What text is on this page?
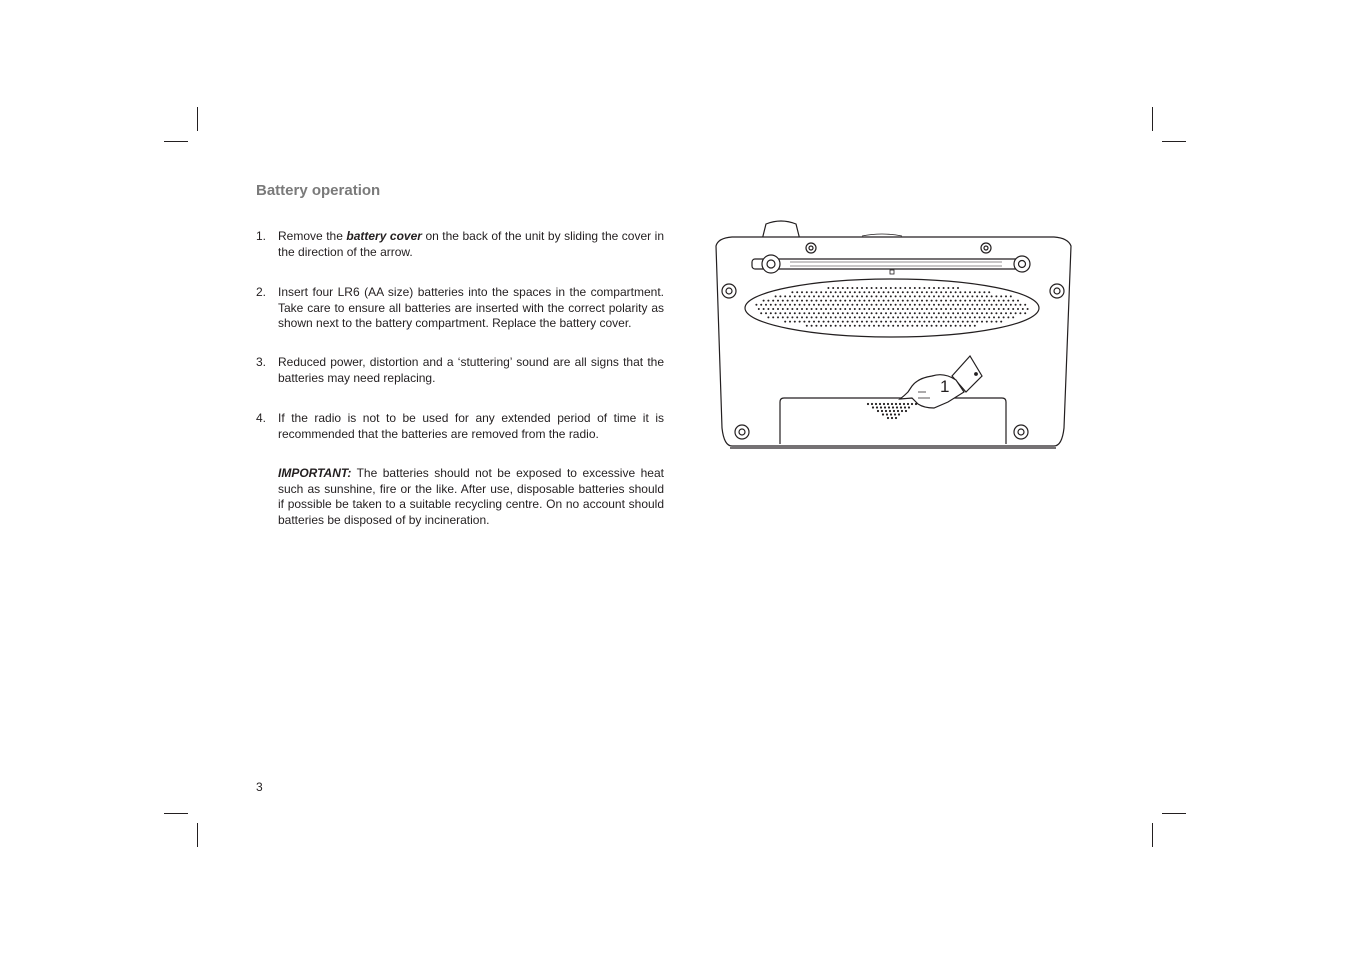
Battery operation
1. Remove the battery cover on the back of the unit by sliding the cover in the direction of the arrow.
2. Insert four LR6 (AA size) batteries into the spaces in the compartment. Take care to ensure all batteries are inserted with the correct polarity as shown next to the battery compartment. Replace the battery cover.
3. Reduced power, distortion and a ‘stuttering’ sound are all signs that the batteries may need replacing.
4. If the radio is not to be used for any extended period of time it is recommended that the batteries are removed from the radio.
IMPORTANT: The batteries should not be exposed to excessive heat such as sunshine, fire or the like. After use, disposable batteries should if possible be taken to a suitable recycling centre. On no account should batteries be disposed of by incineration.
1
3
